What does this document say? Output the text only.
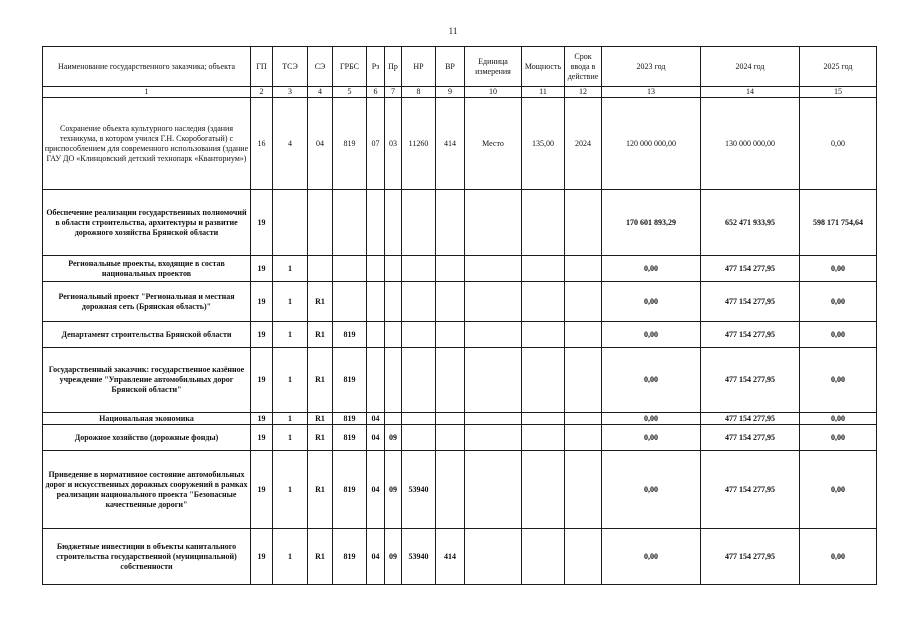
11
Наименование государственного заказчика; объекта	ГП	ТСЭ	СЭ	ГРБС	Рз	Пр	НР	ВР	Единица измерения	Мощность	Срок ввода в действие	2023 год	2024 год	2025 год
1	2	3	4	5	6	7	8	9	10	11	12	13	14	15
Сохранение объекта культурного наследия (здания техникума, в котором учился Г.Н. Скоробогатый) с приспособлением для современного использования (здание ГАУ ДО «Клинцовский детский технопарк «Кванториум»)	16	4	04	819	07	03	11260	414	Место	135,00	2024	120 000 000,00	130 000 000,00	0,00
Обеспечение реализации государственных полномочий в области строительства, архитектуры и развитие дорожного хозяйства Брянской области	19											170 601 893,29	652 471 933,95	598 171 754,64
Региональные проекты, входящие в состав национальных проектов	19	1										0,00	477 154 277,95	0,00
Региональный проект "Региональная и местная дорожная сеть (Брянская область)"	19	1	R1									0,00	477 154 277,95	0,00
Департамент строительства Брянской области	19	1	R1	819								0,00	477 154 277,95	0,00
Государственный заказчик: государственное казённое учреждение "Управление автомобильных дорог Брянской области"	19	1	R1	819								0,00	477 154 277,95	0,00
Национальная экономика	19	1	R1	819	04							0,00	477 154 277,95	0,00
Дорожное хозяйство (дорожные фонды)	19	1	R1	819	04	09						0,00	477 154 277,95	0,00
Приведение в нормативное состояние автомобильных дорог и искусственных дорожных сооружений в рамках реализации национального проекта "Безопасные качественные дороги"	19	1	R1	819	04	09	53940					0,00	477 154 277,95	0,00
Бюджетные инвестиции в объекты капитального строительства государственной (муниципальной) собственности	19	1	R1	819	04	09	53940	414				0,00	477 154 277,95	0,00
